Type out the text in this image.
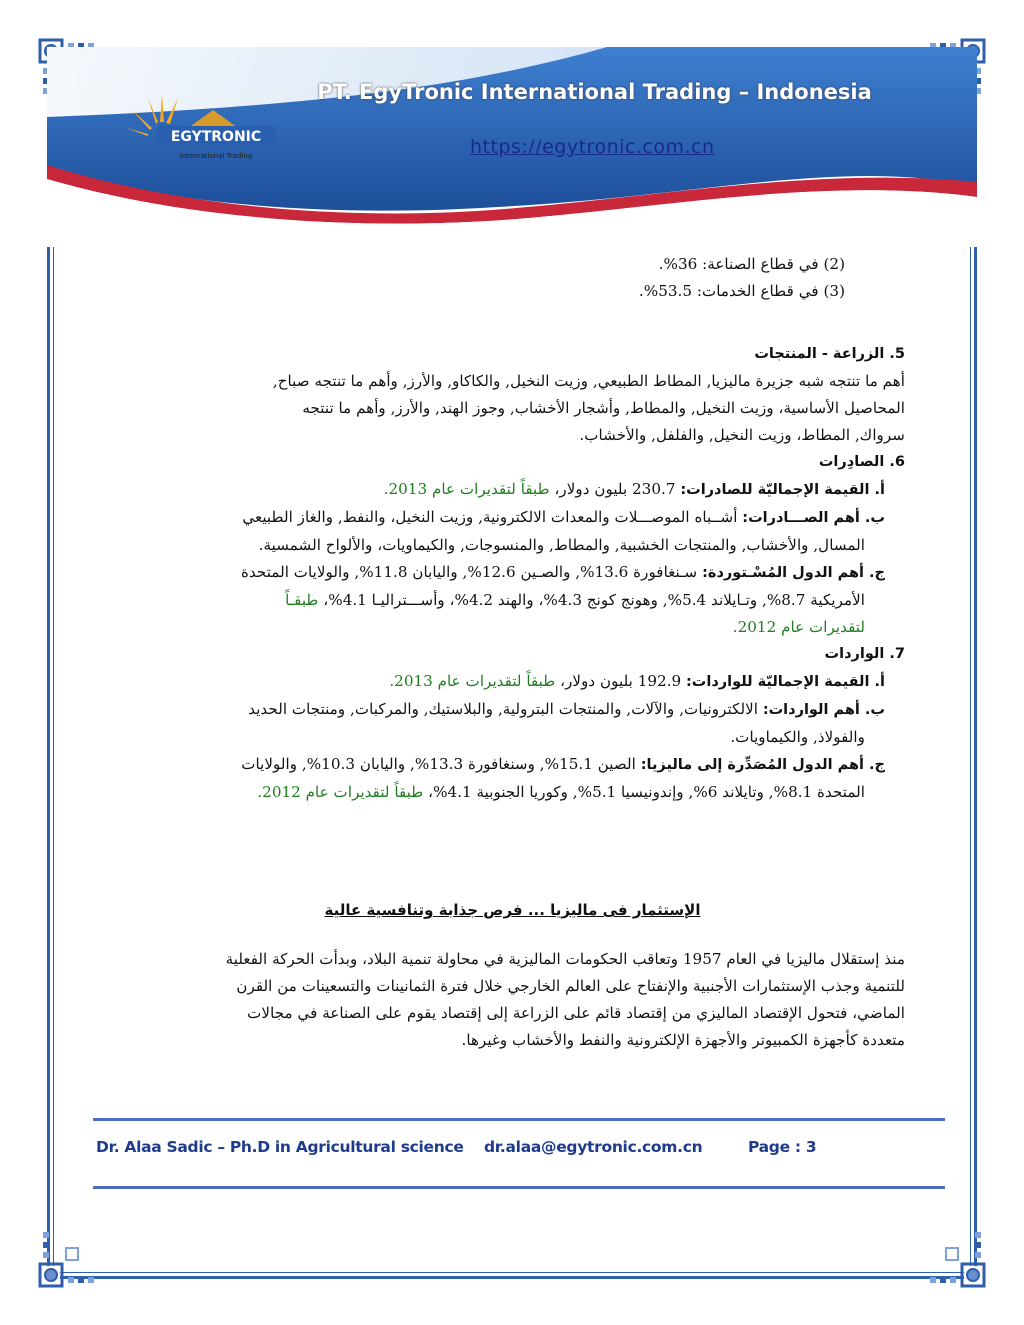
EGYTRONIC
International Trading
PT. EgyTronic International Trading – Indonesia
https://egytronic.com.cn

(2) في قطاع الصناعة: 36%.

(3) في قطاع الخدمات: 53.5%.

5. الزراعة - المنتجات

أهم ما تنتجه شبه جزيرة ماليزيا, المطاط الطبيعي, وزيت النخيل, والكاكاو, والأرز, وأهم ما تنتجه صباح,

المحاصيل الأساسية، وزيت النخيل, والمطاط, وأشجار الأخشاب, وجوز الهند, والأرز, وأهم ما تنتجه

سرواك, المطاط، وزيت النخيل, والفلفل, والأخشاب.

6. الصادِرات

أ. القيمة الإجماليّة للصادرات: 230.7 بليون دولار، طبقاً لتقديرات عام 2013.

ب. أهم الصـــادرات: أشــباه الموصـــلات والمعدات الالكترونية, وزيت النخيل، والنفط, والغاز الطبيعي

المسال, والأخشاب, والمنتجات الخشبية, والمطاط, والمنسوجات, والكيماويات، والألواح الشمسية.

ج. أهم الدول المُسْـتوردة: سـنغافورة 13.6%, والصـين 12.6%, واليابان 11.8%, والولايات المتحدة

الأمريكية 8.7%, وتـايلاند 5.4%, وهونج كونج 4.3%، والهند 4.2%، وأســـتراليـا 4.1%، طبقـاً

لتقديرات عام 2012.

7. الواردات

أ. القيمة الإجماليّة للواردات: 192.9 بليون دولار، طبقاً لتقديرات عام 2013.

ب. أهم الواردات: الالكترونيات, والآلات, والمنتجات البترولية, والبلاستيك, والمركبات, ومنتجات الحديد

والفولاذ, والكيماويات.

ج. أهم الدول المُصَدِّرة إلى ماليزيا: الصين 15.1%, وسنغافورة 13.3%, واليابان 10.3%, والولايات

المتحدة 8.1%, وتايلاند 6%, وإندونيسيا 5.1%, وكوريا الجنوبية 4.1%، طبقاً لتقديرات عام 2012.

الإستثمار فى ماليزيا ... فرص جذابة وتنافسية عالية

منذ إستقلال ماليزيا في العام 1957 وتعاقب الحكومات الماليزية في محاولة تنمية البلاد، وبدأت الحركة الفعلية

للتنمية وجذب الإستثمارات الأجنبية والإنفتاح على العالم الخارجي خلال فترة الثمانينات والتسعينات من القرن

الماضي، فتحول الإقتصاد الماليزي من إقتصاد قائم على الزراعة إلى إقتصاد يقوم على الصناعة في مجالات

متعددة كأجهزة الكمبيوتر والأجهزة الإلكترونية والنفط والأخشاب وغيرها.

Dr. Alaa Sadic – Ph.D in Agricultural science dr.alaa@egytronic.com.cn	Page : 3
